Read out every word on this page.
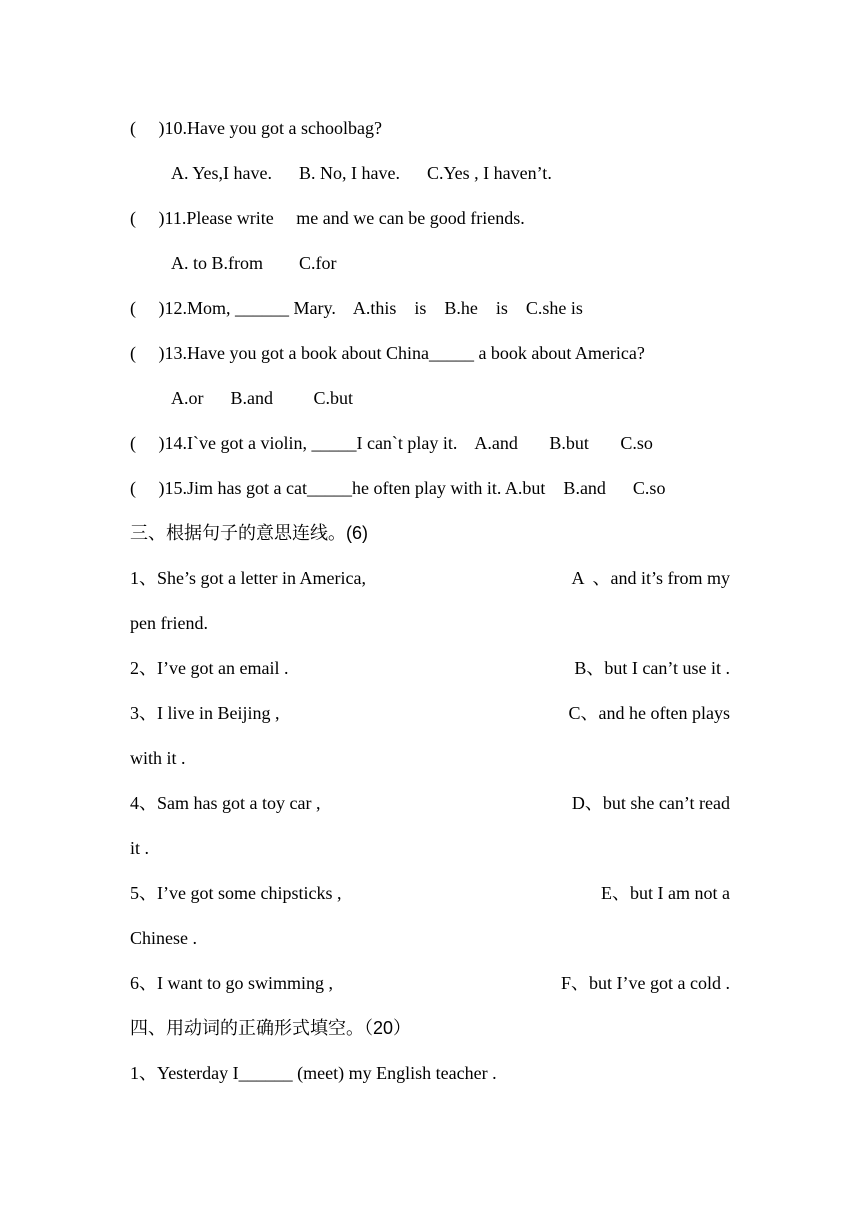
(     )10.Have you got a schoolbag?
A. Yes,I have.      B. No, I have.      C.Yes , I haven’t.
(     )11.Please write     me and we can be good friends.
A. to B.from        C.for
(     )12.Mom, ______ Mary.    A.this    is    B.he    is    C.she is
(     )13.Have you got a book about China_____ a book about America?
A.or      B.and         C.but
(     )14.I`ve got a violin, _____I can`t play it.    A.and       B.but       C.so
(     )15.Jim has got a cat_____he often play with it. A.but    B.and      C.so
三、根据句子的意思连线。(6)
1、She’s got a letter in America,	A  、and it’s from my
pen friend.
2、I’ve got an email .	B、but I can’t use it .
3、I live in Beijing ,	C、and he often plays
with it .
4、Sam has got a toy car ,	D、but she can’t read
it .
5、I’ve got some chipsticks ,	E、but I am not a
Chinese .
6、I want to go swimming ,	F、but I’ve got a cold .
四、用动词的正确形式填空。（20）
1、Yesterday I______ (meet) my English teacher .
